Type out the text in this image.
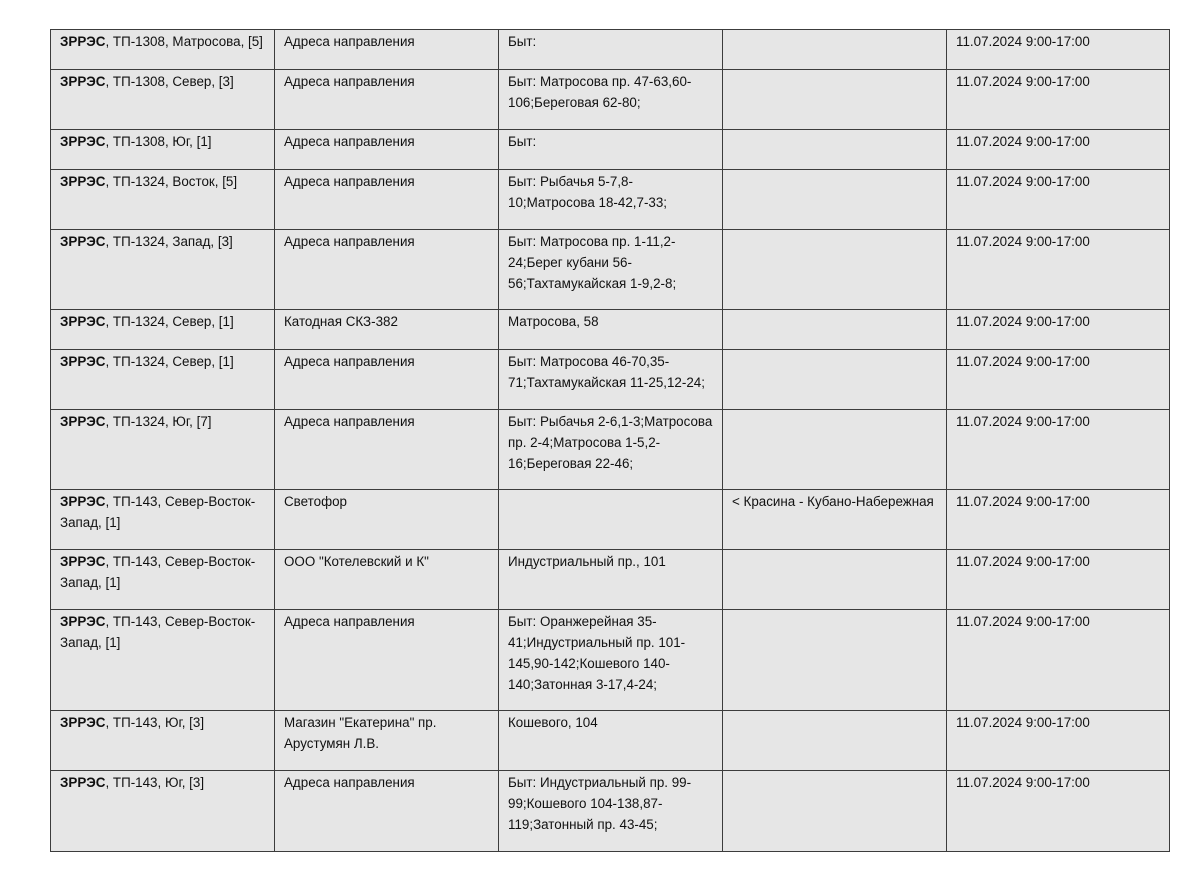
ЗРРЭС, ТП-1308, Матросова, [5]	Адреса направления	Быт:		11.07.2024 9:00-17:00

ЗРРЭС, ТП-1308, Север, [3]	Адреса направления	Быт: Матросова пр. 47-63,60-106;Береговая 62-80;		11.07.2024 9:00-17:00

ЗРРЭС, ТП-1308, Юг, [1]	Адреса направления	Быт:		11.07.2024 9:00-17:00

ЗРРЭС, ТП-1324, Восток, [5]	Адреса направления	Быт: Рыбачья 5-7,8-10;Матросова 18-42,7-33;		11.07.2024 9:00-17:00

ЗРРЭС, ТП-1324, Запад, [3]	Адреса направления	Быт: Матросова пр. 1-11,2-24;Берег кубани 56-56;Тахтамукайская 1-9,2-8;		11.07.2024 9:00-17:00

ЗРРЭС, ТП-1324, Север, [1]	Катодная СКЗ-382	Матросова, 58		11.07.2024 9:00-17:00

ЗРРЭС, ТП-1324, Север, [1]	Адреса направления	Быт: Матросова 46-70,35-71;Тахтамукайская 11-25,12-24;		11.07.2024 9:00-17:00

ЗРРЭС, ТП-1324, Юг, [7]	Адреса направления	Быт: Рыбачья 2-6,1-3;Матросова пр. 2-4;Матросова 1-5,2-16;Береговая 22-46;		11.07.2024 9:00-17:00

ЗРРЭС, ТП-143, Север-Восток-Запад, [1]	Светофор		< Красина - Кубано-Набережная	11.07.2024 9:00-17:00

ЗРРЭС, ТП-143, Север-Восток-Запад, [1]	ООО "Котелевский и К"	Индустриальный пр., 101		11.07.2024 9:00-17:00

ЗРРЭС, ТП-143, Север-Восток-Запад, [1]	Адреса направления	Быт: Оранжерейная 35-41;Индустриальный пр. 101-145,90-142;Кошевого 140-140;Затонная 3-17,4-24;		11.07.2024 9:00-17:00

ЗРРЭС, ТП-143, Юг, [3]	Магазин "Екатерина" пр. Арустумян Л.В.	Кошевого, 104		11.07.2024 9:00-17:00

ЗРРЭС, ТП-143, Юг, [3]	Адреса направления	Быт: Индустриальный пр. 99-99;Кошевого 104-138,87-119;Затонный пр. 43-45;		11.07.2024 9:00-17:00
